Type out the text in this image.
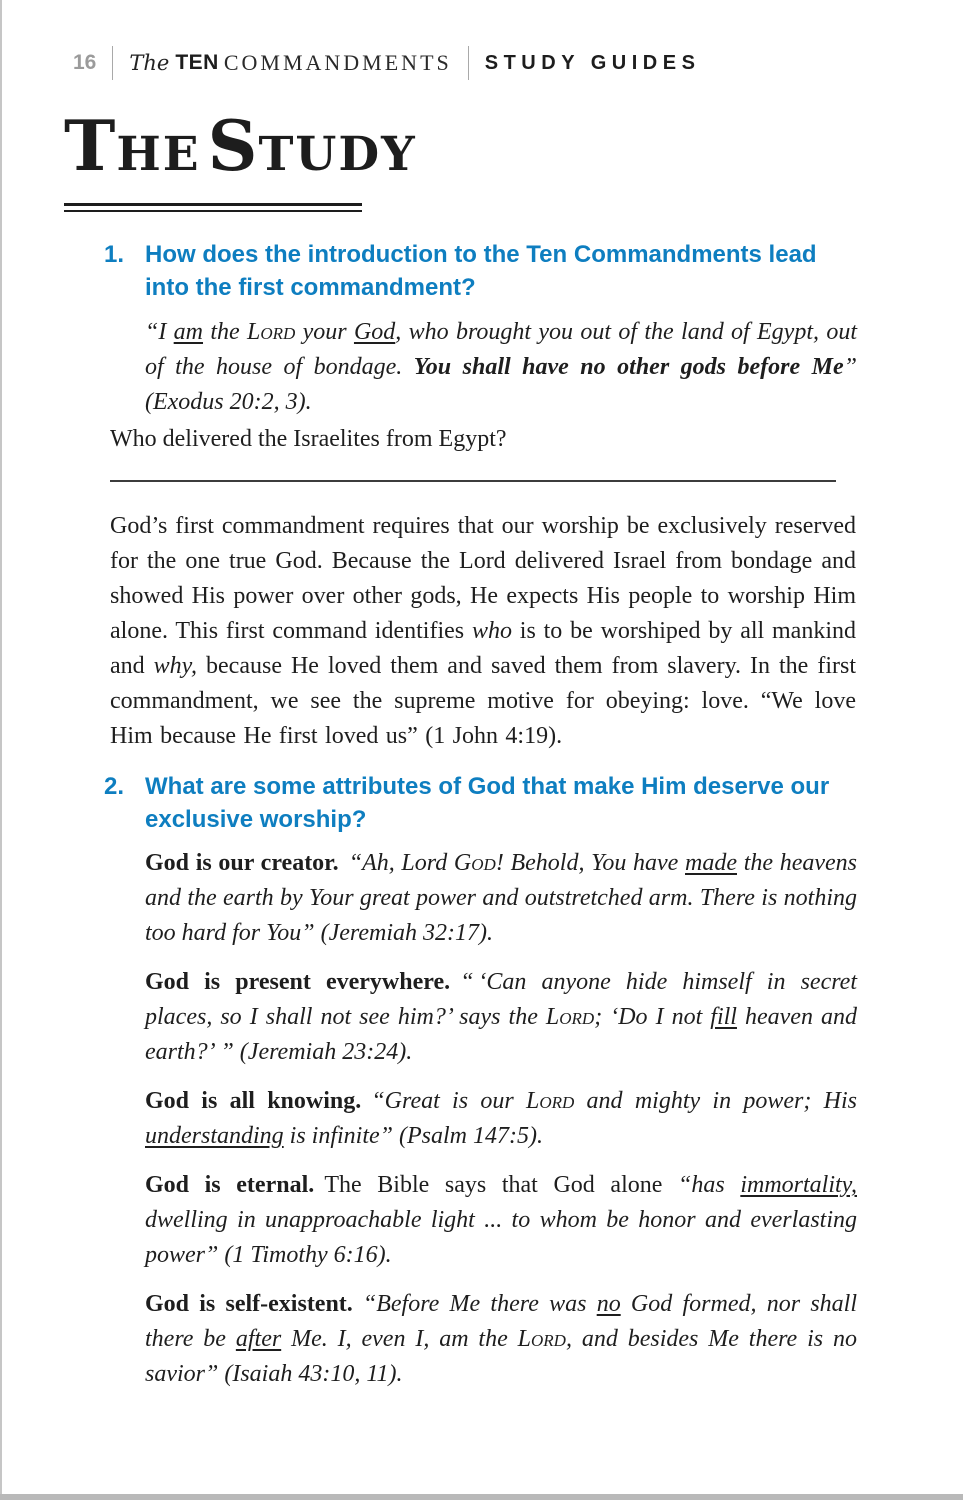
16 The TEN COMMANDMENTS STUDY GUIDES
THE STUDY
1. How does the introduction to the Ten Commandments lead into the first commandment?

“I am the Lord your God, who brought you out of the land of Egypt, out of the house of bondage. You shall have no other gods before Me” (Exodus 20:2, 3).

Who delivered the Israelites from Egypt?

God’s first commandment requires that our worship be exclusively reserved for the one true God. Because the Lord delivered Israel from bondage and showed His power over other gods, He expects His people to worship Him alone. This first command identifies who is to be worshiped by all mankind and why, because He loved them and saved them from slavery. In the first commandment, we see the supreme motive for obeying: love. “We love Him because He first loved us” (1 John 4:19).

2. What are some attributes of God that make Him deserve our exclusive worship?

God is our creator. “Ah, Lord God! Behold, You have made the heavens and the earth by Your great power and outstretched arm. There is nothing too hard for You” (Jeremiah 32:17).

God is present everywhere. “ ‘Can anyone hide himself in secret places, so I shall not see him?’ says the Lord; ‘Do I not fill heaven and earth?’ ” (Jeremiah 23:24).

God is all knowing. “Great is our Lord and mighty in power; His understanding is infinite” (Psalm 147:5).

God is eternal. The Bible says that God alone “has immortality, dwelling in unapproachable light ... to whom be honor and everlasting power” (1 Timothy 6:16).

God is self-existent. “Before Me there was no God formed, nor shall there be after Me. I, even I, am the Lord, and besides Me there is no savior” (Isaiah 43:10, 11).
